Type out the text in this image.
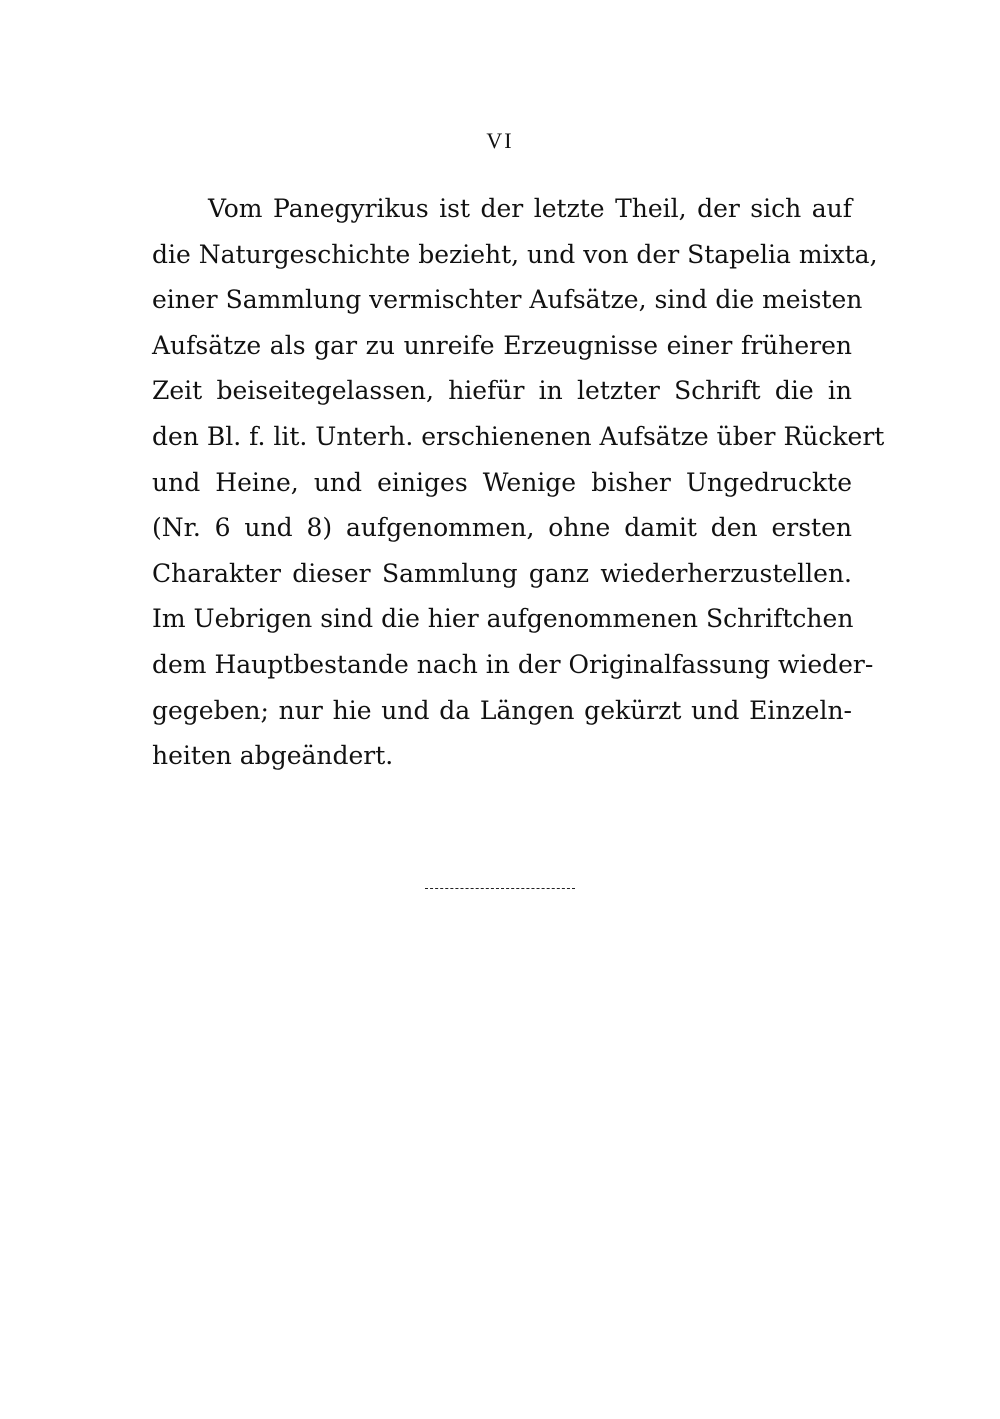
VI
Vom Panegyrikus ist der letzte Theil, der sich auf
die Naturgeschichte bezieht, und von der Stapelia mixta,
einer Sammlung vermischter Aufsätze, sind die meisten
Aufsätze als gar zu unreife Erzeugnisse einer früheren
Zeit beiseitegelassen, hiefür in letzter Schrift die in
den Bl. f. lit. Unterh. erschienenen Aufsätze über Rückert
und Heine, und einiges Wenige bisher Ungedruckte
(Nr. 6 und 8) aufgenommen, ohne damit den ersten
Charakter dieser Sammlung ganz wiederherzustellen.
Im Uebrigen sind die hier aufgenommenen Schriftchen
dem Hauptbestande nach in der Originalfassung wieder-
gegeben; nur hie und da Längen gekürzt und Einzeln-
heiten abgeändert.
